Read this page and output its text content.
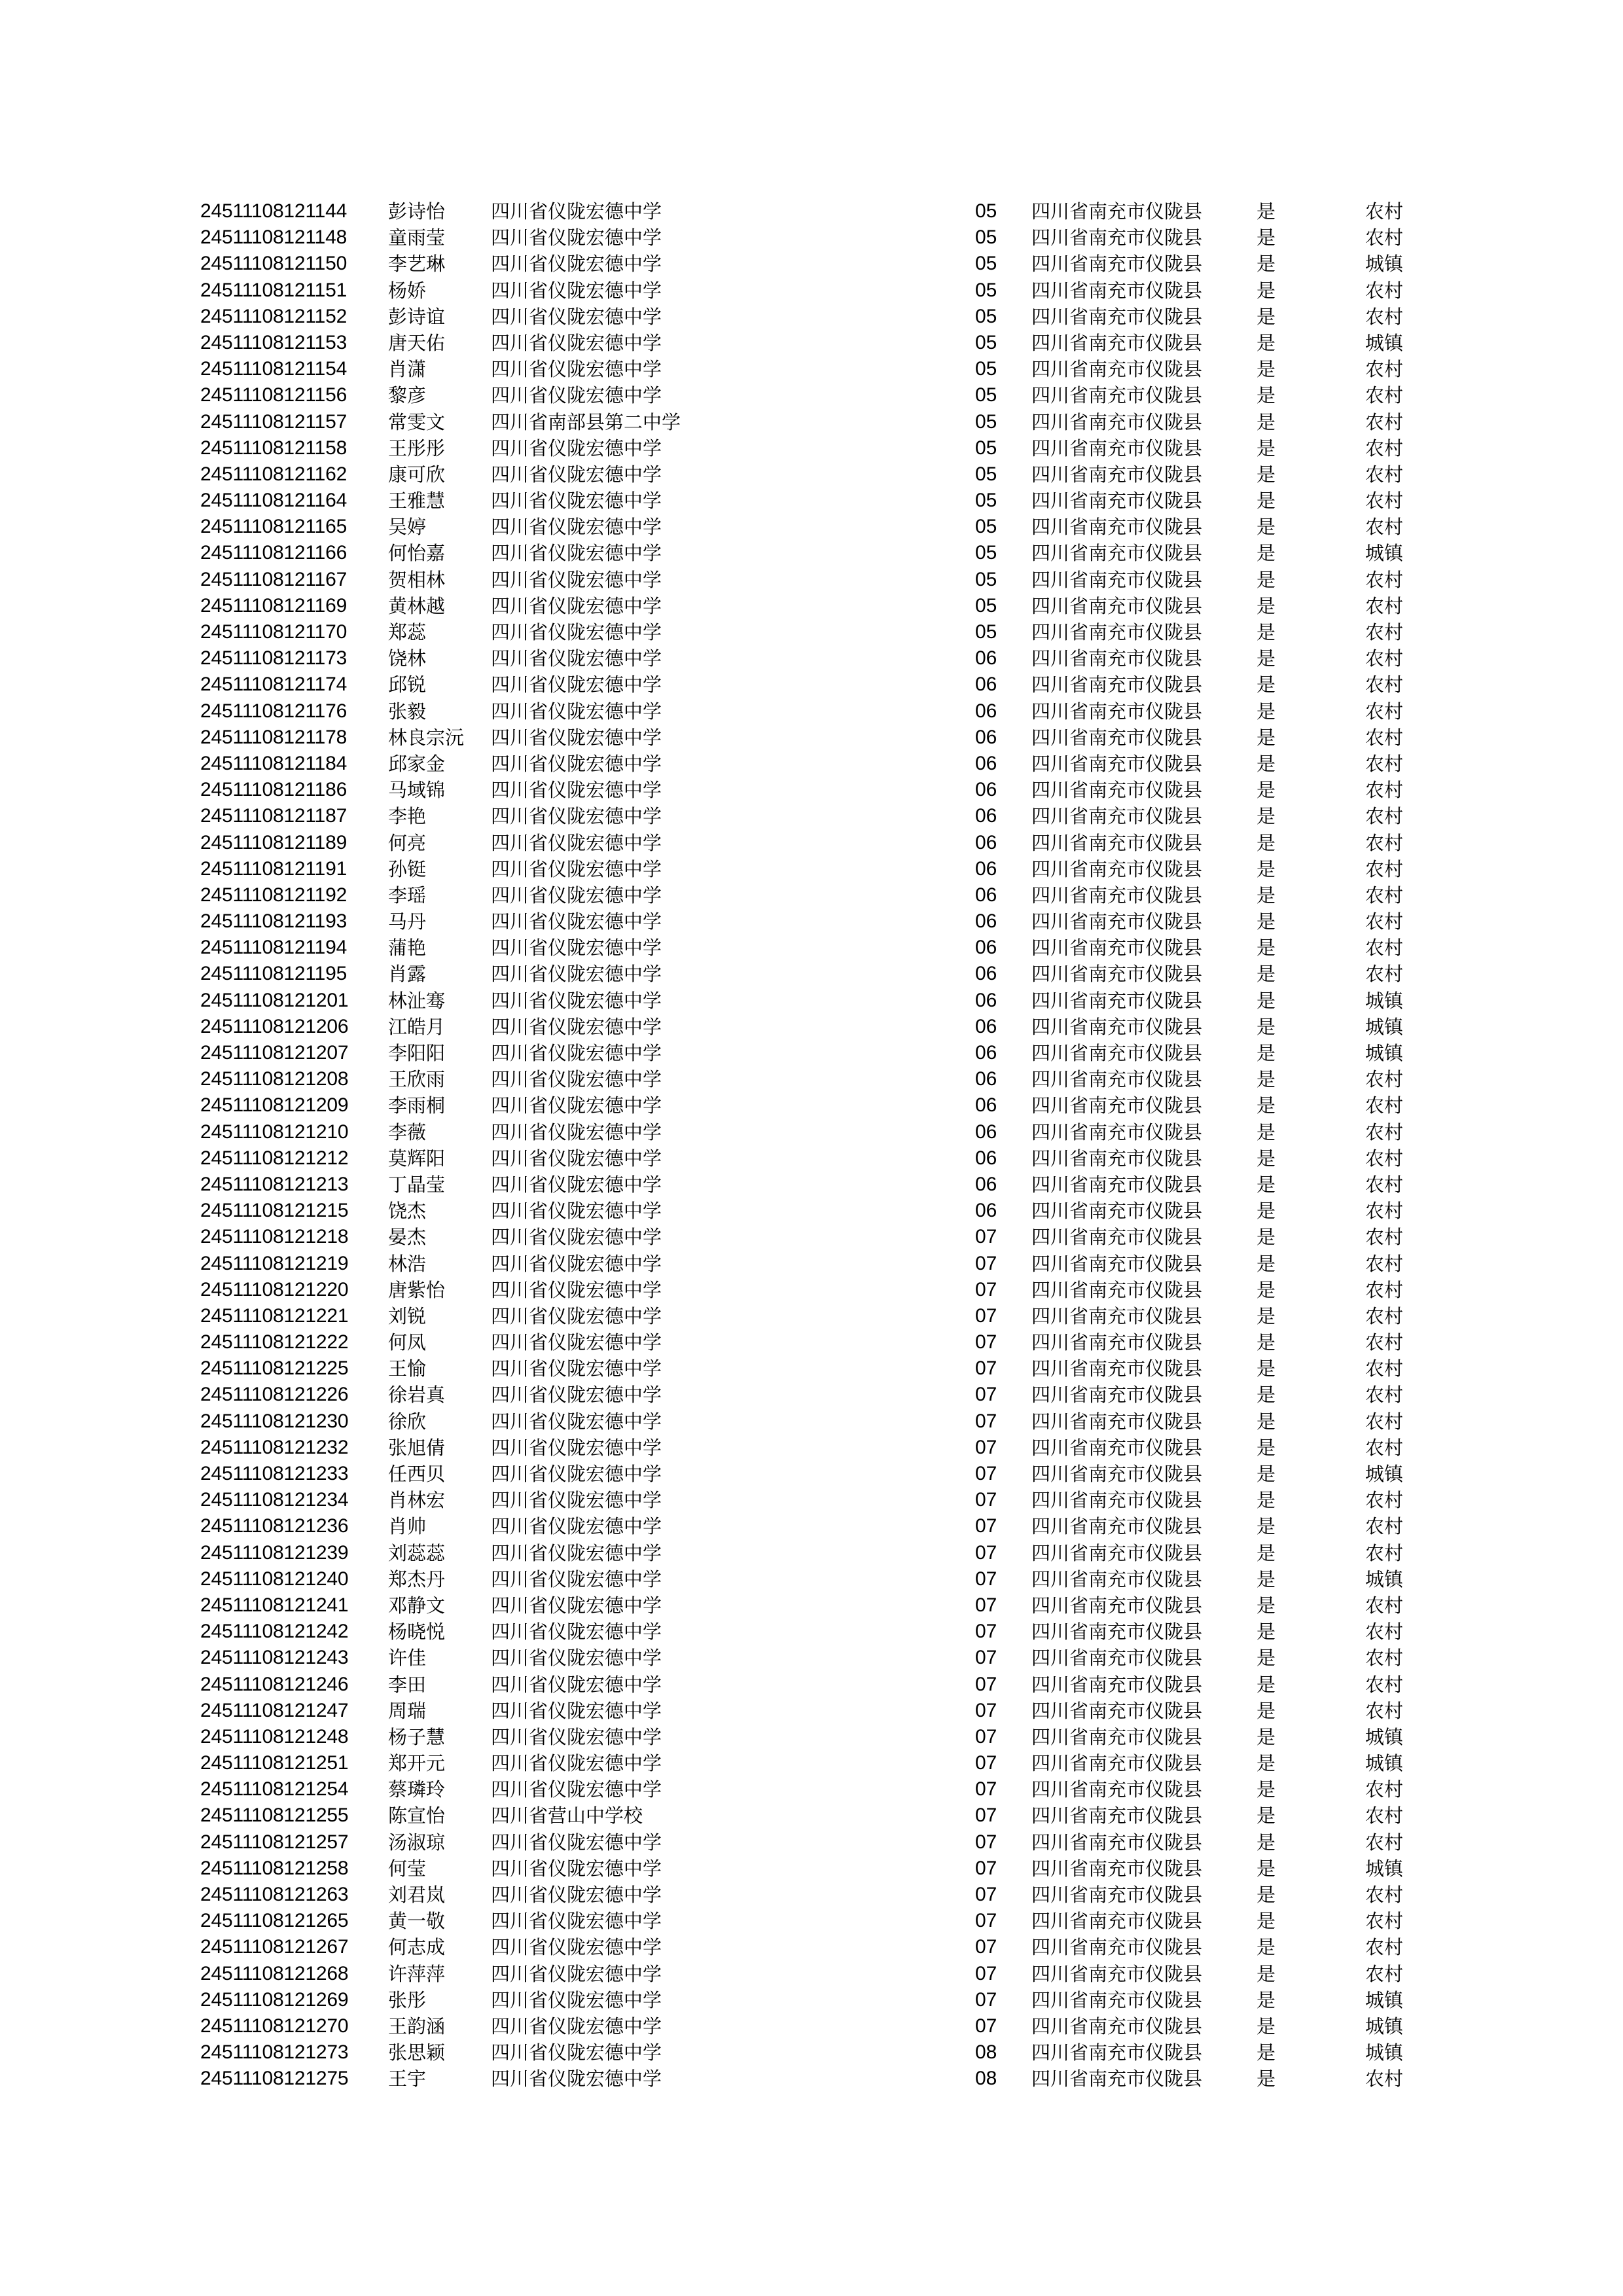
24511108121144 彭诗怡 四川省仪陇宏德中学	05 四川省南充市仪陇县	是	农村
24511108121148 童雨莹 四川省仪陇宏德中学	05 四川省南充市仪陇县	是	农村
24511108121150 李艺琳 四川省仪陇宏德中学	05 四川省南充市仪陇县	是	城镇
24511108121151 杨娇	四川省仪陇宏德中学	05 四川省南充市仪陇县	是	农村
24511108121152 彭诗谊 四川省仪陇宏德中学	05 四川省南充市仪陇县	是	农村
24511108121153 唐天佑 四川省仪陇宏德中学	05 四川省南充市仪陇县	是	城镇
24511108121154 肖潇	四川省仪陇宏德中学	05 四川省南充市仪陇县	是	农村
24511108121156 黎彦	四川省仪陇宏德中学	05 四川省南充市仪陇县	是	农村
24511108121157 常雯文 四川省南部县第二中学	05 四川省南充市仪陇县	是	农村
24511108121158 王彤彤 四川省仪陇宏德中学	05 四川省南充市仪陇县	是	农村
24511108121162 康可欣 四川省仪陇宏德中学	05 四川省南充市仪陇县	是	农村
24511108121164 王雅慧 四川省仪陇宏德中学	05 四川省南充市仪陇县	是	农村
24511108121165 吴婷	四川省仪陇宏德中学	05 四川省南充市仪陇县	是	农村
24511108121166 何怡嘉 四川省仪陇宏德中学	05 四川省南充市仪陇县	是	城镇
24511108121167 贺相林 四川省仪陇宏德中学	05 四川省南充市仪陇县	是	农村
24511108121169 黄林越 四川省仪陇宏德中学	05 四川省南充市仪陇县	是	农村
24511108121170 郑蕊	四川省仪陇宏德中学	05 四川省南充市仪陇县	是	农村
24511108121173 饶林	四川省仪陇宏德中学	06 四川省南充市仪陇县	是	农村
24511108121174 邱锐	四川省仪陇宏德中学	06 四川省南充市仪陇县	是	农村
24511108121176 张毅	四川省仪陇宏德中学	06 四川省南充市仪陇县	是	农村
24511108121178 林良宗沅 四川省仪陇宏德中学	06 四川省南充市仪陇县	是	农村
24511108121184 邱家金 四川省仪陇宏德中学	06 四川省南充市仪陇县	是	农村
24511108121186 马域锦 四川省仪陇宏德中学	06 四川省南充市仪陇县	是	农村
24511108121187 李艳	四川省仪陇宏德中学	06 四川省南充市仪陇县	是	农村
24511108121189 何亮	四川省仪陇宏德中学	06 四川省南充市仪陇县	是	农村
24511108121191 孙铤	四川省仪陇宏德中学	06 四川省南充市仪陇县	是	农村
24511108121192 李瑶	四川省仪陇宏德中学	06 四川省南充市仪陇县	是	农村
24511108121193 马丹	四川省仪陇宏德中学	06 四川省南充市仪陇县	是	农村
24511108121194 蒲艳	四川省仪陇宏德中学	06 四川省南充市仪陇县	是	农村
24511108121195 肖露	四川省仪陇宏德中学	06 四川省南充市仪陇县	是	农村
24511108121201 林沚骞 四川省仪陇宏德中学	06 四川省南充市仪陇县	是	城镇
24511108121206 江皓月 四川省仪陇宏德中学	06 四川省南充市仪陇县	是	城镇
24511108121207 李阳阳 四川省仪陇宏德中学	06 四川省南充市仪陇县	是	城镇
24511108121208 王欣雨 四川省仪陇宏德中学	06 四川省南充市仪陇县	是	农村
24511108121209 李雨桐 四川省仪陇宏德中学	06 四川省南充市仪陇县	是	农村
24511108121210 李薇	四川省仪陇宏德中学	06 四川省南充市仪陇县	是	农村
24511108121212 莫辉阳 四川省仪陇宏德中学	06 四川省南充市仪陇县	是	农村
24511108121213 丁晶莹 四川省仪陇宏德中学	06 四川省南充市仪陇县	是	农村
24511108121215 饶杰	四川省仪陇宏德中学	06 四川省南充市仪陇县	是	农村
24511108121218 晏杰	四川省仪陇宏德中学	07 四川省南充市仪陇县	是	农村
24511108121219 林浩	四川省仪陇宏德中学	07 四川省南充市仪陇县	是	农村
24511108121220 唐紫怡 四川省仪陇宏德中学	07 四川省南充市仪陇县	是	农村
24511108121221 刘锐	四川省仪陇宏德中学	07 四川省南充市仪陇县	是	农村
24511108121222 何凤	四川省仪陇宏德中学	07 四川省南充市仪陇县	是	农村
24511108121225 王愉	四川省仪陇宏德中学	07 四川省南充市仪陇县	是	农村
24511108121226 徐岩真 四川省仪陇宏德中学	07 四川省南充市仪陇县	是	农村
24511108121230 徐欣	四川省仪陇宏德中学	07 四川省南充市仪陇县	是	农村
24511108121232 张旭倩 四川省仪陇宏德中学	07 四川省南充市仪陇县	是	农村
24511108121233 任西贝 四川省仪陇宏德中学	07 四川省南充市仪陇县	是	城镇
24511108121234 肖林宏 四川省仪陇宏德中学	07 四川省南充市仪陇县	是	农村
24511108121236 肖帅	四川省仪陇宏德中学	07 四川省南充市仪陇县	是	农村
24511108121239 刘蕊蕊 四川省仪陇宏德中学	07 四川省南充市仪陇县	是	农村
24511108121240 郑杰丹 四川省仪陇宏德中学	07 四川省南充市仪陇县	是	城镇
24511108121241 邓静文 四川省仪陇宏德中学	07 四川省南充市仪陇县	是	农村
24511108121242 杨晓悦 四川省仪陇宏德中学	07 四川省南充市仪陇县	是	农村
24511108121243 许佳	四川省仪陇宏德中学	07 四川省南充市仪陇县	是	农村
24511108121246 李田	四川省仪陇宏德中学	07 四川省南充市仪陇县	是	农村
24511108121247 周瑞	四川省仪陇宏德中学	07 四川省南充市仪陇县	是	农村
24511108121248 杨子慧 四川省仪陇宏德中学	07 四川省南充市仪陇县	是	城镇
24511108121251 郑开元 四川省仪陇宏德中学	07 四川省南充市仪陇县	是	城镇
24511108121254 蔡璘玲 四川省仪陇宏德中学	07 四川省南充市仪陇县	是	农村
24511108121255 陈宣怡 四川省营山中学校	07 四川省南充市仪陇县	是	农村
24511108121257 汤淑琼 四川省仪陇宏德中学	07 四川省南充市仪陇县	是	农村
24511108121258 何莹	四川省仪陇宏德中学	07 四川省南充市仪陇县	是	城镇
24511108121263 刘君岚 四川省仪陇宏德中学	07 四川省南充市仪陇县	是	农村
24511108121265 黄一敬 四川省仪陇宏德中学	07 四川省南充市仪陇县	是	农村
24511108121267 何志成 四川省仪陇宏德中学	07 四川省南充市仪陇县	是	农村
24511108121268 许萍萍 四川省仪陇宏德中学	07 四川省南充市仪陇县	是	农村
24511108121269 张彤	四川省仪陇宏德中学	07 四川省南充市仪陇县	是	城镇
24511108121270 王韵涵 四川省仪陇宏德中学	07 四川省南充市仪陇县	是	城镇
24511108121273 张思颖 四川省仪陇宏德中学	08 四川省南充市仪陇县	是	城镇
24511108121275 王宇	四川省仪陇宏德中学	08 四川省南充市仪陇县	是	农村
